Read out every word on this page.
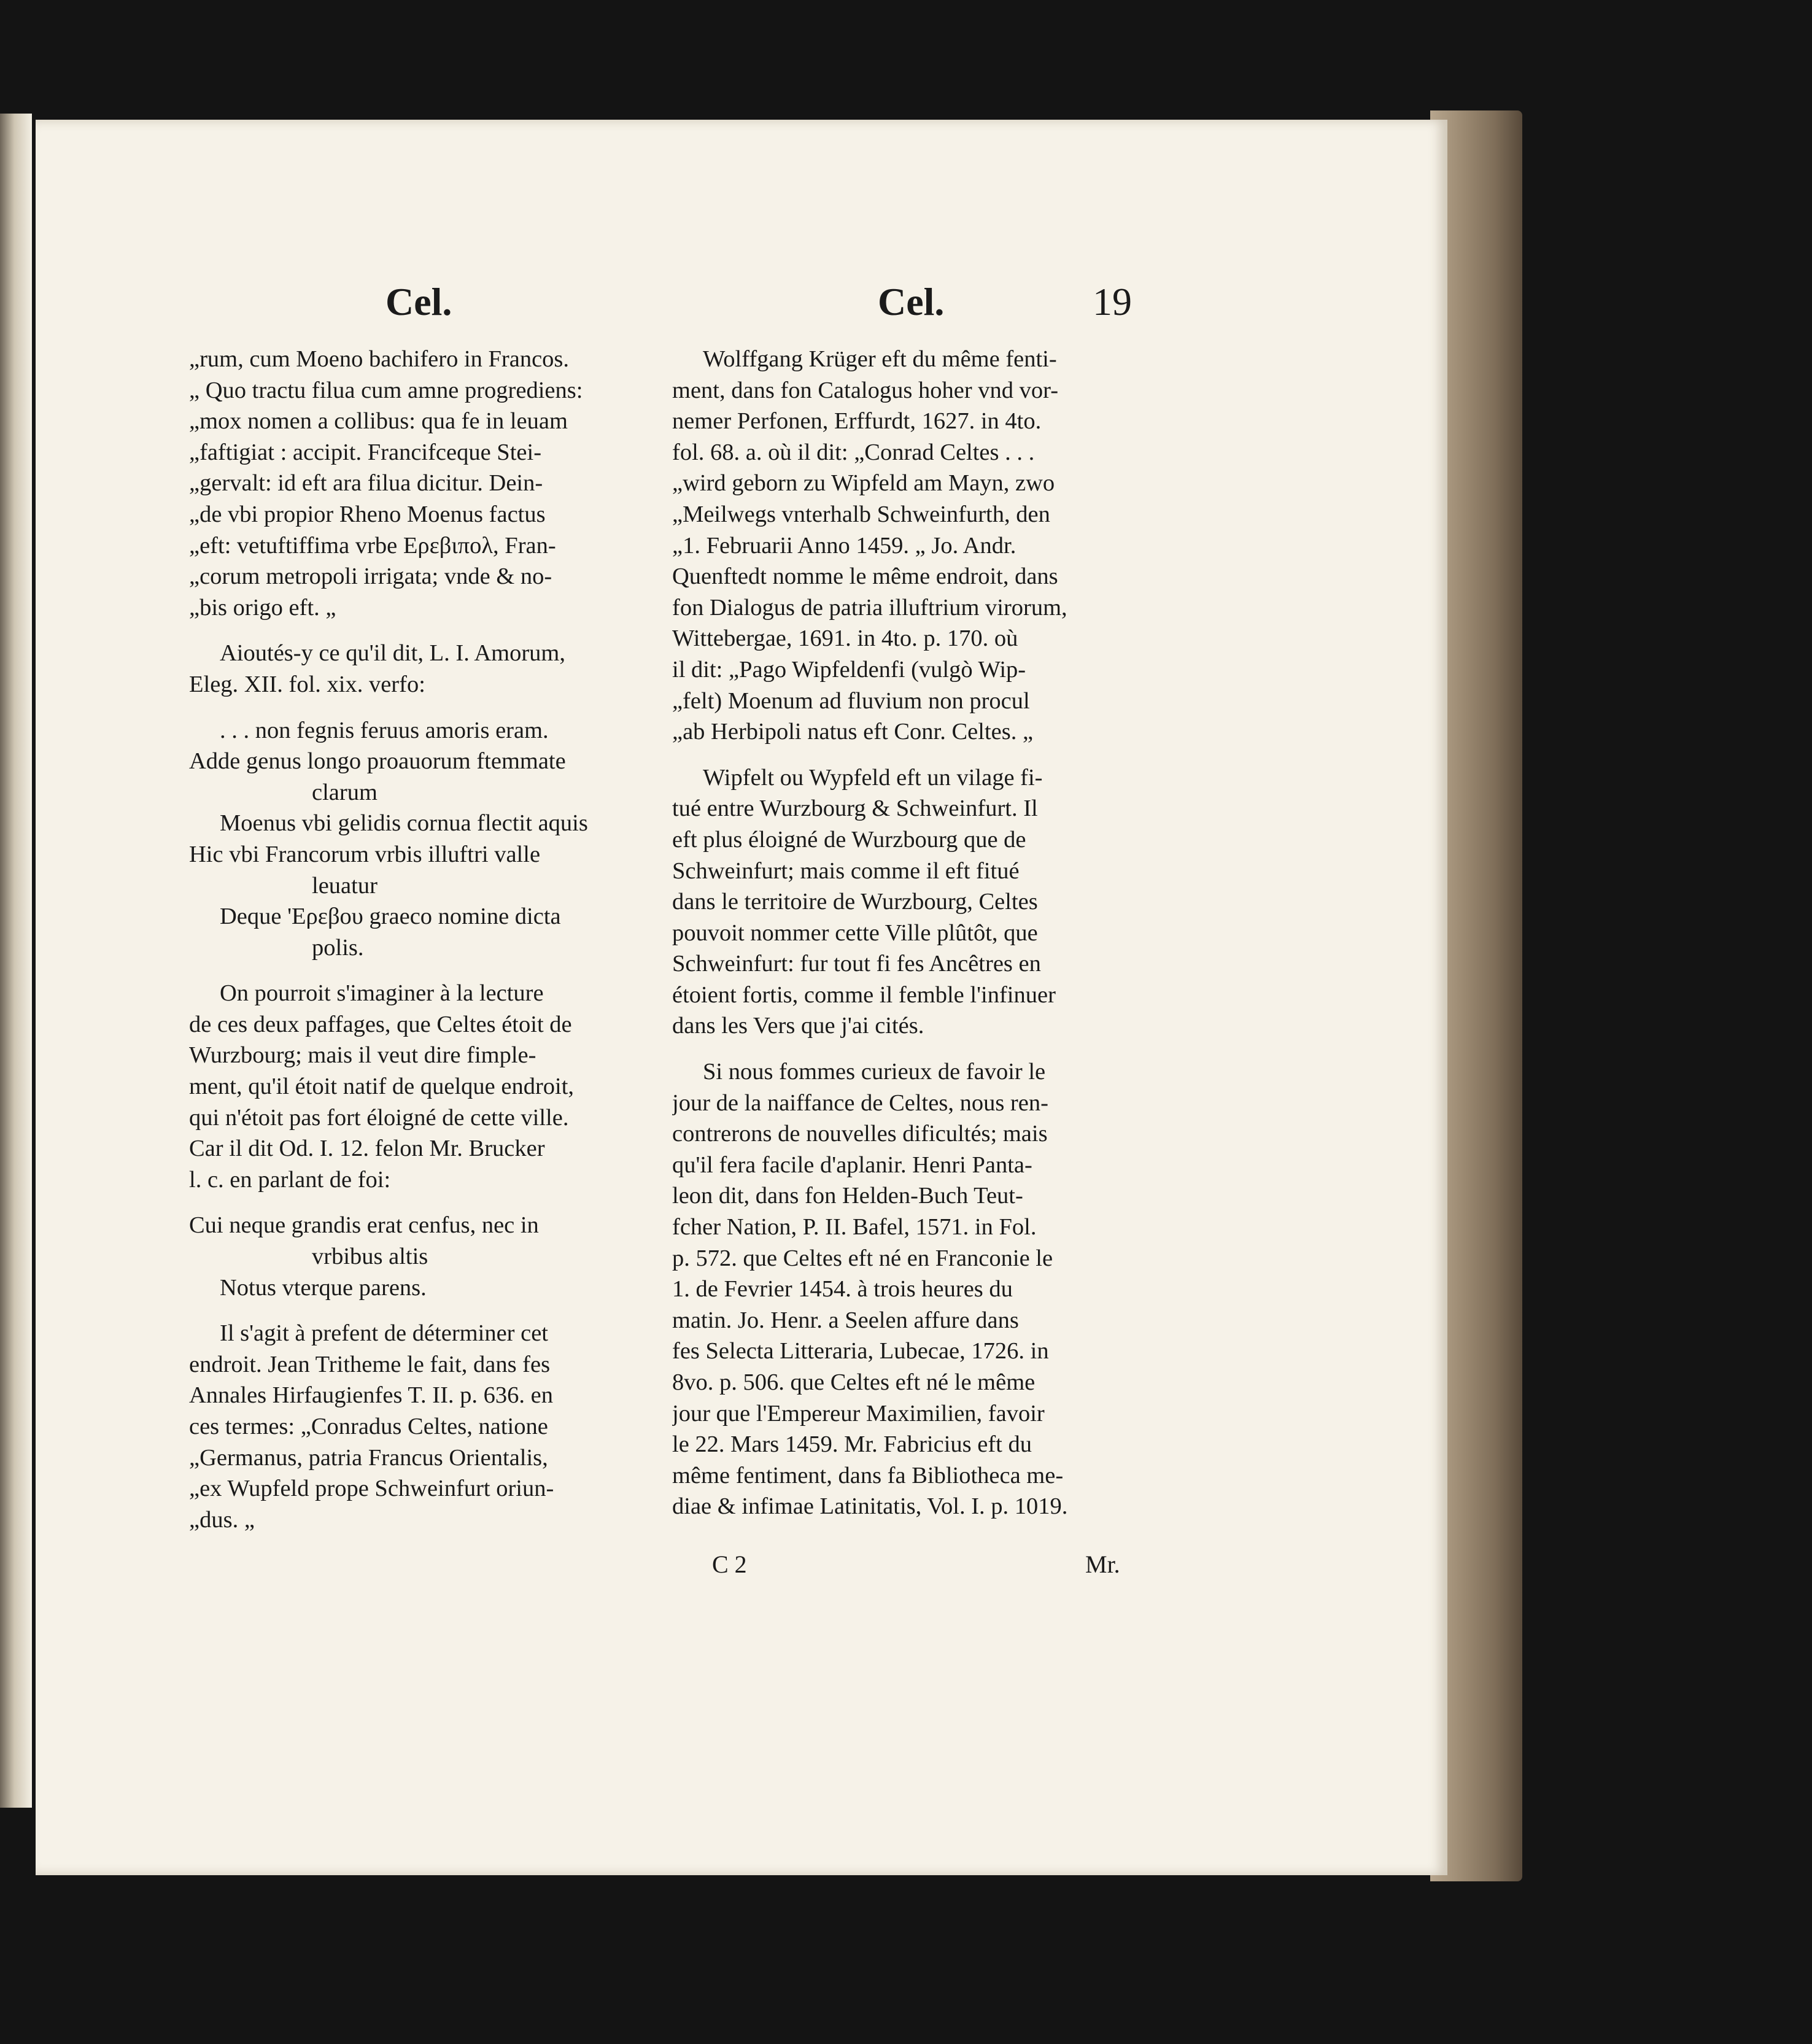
Cel.	Cel.	19
„rum, cum Moeno bachifero in Francos.
„ Quo tractu filua cum amne progrediens:
„mox nomen a collibus: qua fe in leuam
„faftigiat : accipit. Francifceque Stei-
„gervalt: id eft ara filua dicitur. Dein-
„de vbi propior Rheno Moenus factus
„eft: vetuftiffima vrbe Ερεβιπολ, Fran-
„corum metropoli irrigata; vnde & no-
„bis origo eft. „
Aioutés-y ce qu'il dit, L. I. Amorum,
Eleg. XII. fol. xix. verfo:
. . . non fegnis feruus amoris eram.
Adde genus longo proauorum ftemmate
clarum
Moenus vbi gelidis cornua flectit aquis
Hic vbi Francorum vrbis illuftri valle
leuatur
Deque 'Ερεβου graeco nomine dicta
polis.
On pourroit s'imaginer à la lecture
de ces deux paffages, que Celtes étoit de
Wurzbourg; mais il veut dire fimple-
ment, qu'il étoit natif de quelque endroit,
qui n'étoit pas fort éloigné de cette ville.
Car il dit Od. I. 12. felon Mr. Brucker
l. c. en parlant de foi:
Cui neque grandis erat cenfus, nec in
vrbibus altis
Notus vterque parens.
Il s'agit à prefent de déterminer cet
endroit. Jean Tritheme le fait, dans fes
Annales Hirfaugienfes T. II. p. 636. en
ces termes: „Conradus Celtes, natione
„Germanus, patria Francus Orientalis,
„ex Wupfeld prope Schweinfurt oriun-
„dus. „
Wolffgang Krüger eft du même fenti-
ment, dans fon Catalogus hoher vnd vor-
nemer Perfonen, Erffurdt, 1627. in 4to.
fol. 68. a. où il dit: „Conrad Celtes . . .
„wird geborn zu Wipfeld am Mayn, zwo
„Meilwegs vnterhalb Schweinfurth, den
„1. Februarii Anno 1459. „ Jo. Andr.
Quenftedt nomme le même endroit, dans
fon Dialogus de patria illuftrium virorum,
Wittebergae, 1691. in 4to. p. 170. où
il dit: „Pago Wipfeldenfi (vulgò Wip-
„felt) Moenum ad fluvium non procul
„ab Herbipoli natus eft Conr. Celtes. „
Wipfelt ou Wypfeld eft un vilage fi-
tué entre Wurzbourg & Schweinfurt. Il
eft plus éloigné de Wurzbourg que de
Schweinfurt; mais comme il eft fitué
dans le territoire de Wurzbourg, Celtes
pouvoit nommer cette Ville plûtôt, que
Schweinfurt: fur tout fi fes Ancêtres en
étoient fortis, comme il femble l'infinuer
dans les Vers que j'ai cités.
Si nous fommes curieux de favoir le
jour de la naiffance de Celtes, nous ren-
contrerons de nouvelles dificultés; mais
qu'il fera facile d'aplanir. Henri Panta-
leon dit, dans fon Helden-Buch Teut-
fcher Nation, P. II. Bafel, 1571. in Fol.
p. 572. que Celtes eft né en Franconie le
1. de Fevrier 1454. à trois heures du
matin. Jo. Henr. a Seelen affure dans
fes Selecta Litteraria, Lubecae, 1726. in
8vo. p. 506. que Celtes eft né le même
jour que l'Empereur Maximilien, favoir
le 22. Mars 1459. Mr. Fabricius eft du
même fentiment, dans fa Bibliotheca me-
diae & infimae Latinitatis, Vol. I. p. 1019.
C 2	Mr.
